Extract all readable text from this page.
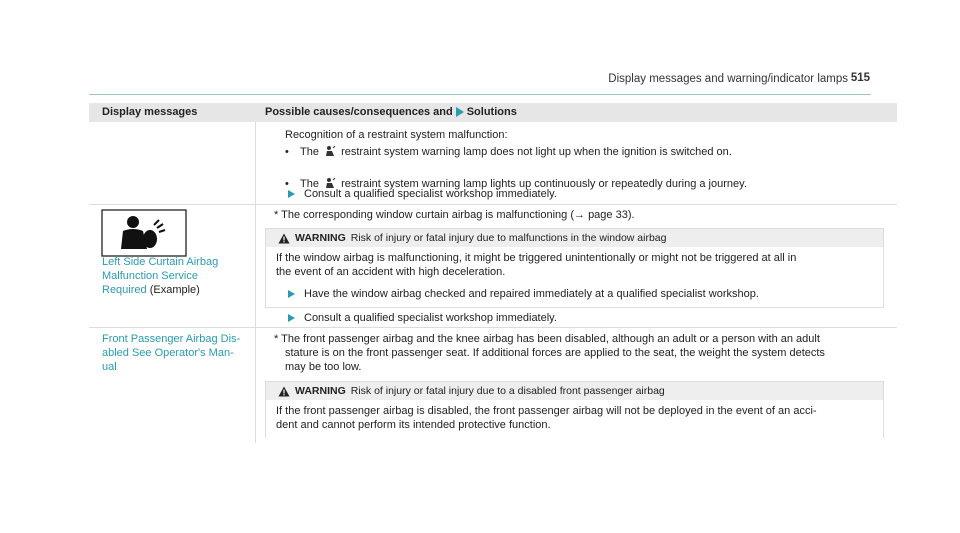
Display messages and warning/indicator lamps 515
Display messages	Possible causes/consequences and Solutions
Recognition of a restraint system malfunction:
• The restraint system warning lamp does not light up when the ignition is switched on.
• The restraint system warning lamp lights up continuously or repeatedly during a journey.
Consult a qualified specialist workshop immediately.
Left Side Curtain Airbag
Malfunction Service
Required (Example)
* The corresponding window curtain airbag is malfunctioning (→ page 33).
WARNING Risk of injury or fatal injury due to malfunctions in the window airbag
If the window airbag is malfunctioning, it might be triggered unintentionally or might not be triggered at all in
the event of an accident with high deceleration.
Have the window airbag checked and repaired immediately at a qualified specialist workshop.
Consult a qualified specialist workshop immediately.
Front Passenger Airbag Dis-
abled See Operator's Man-
ual
* The front passenger airbag and the knee airbag has been disabled, although an adult or a person with an adult
stature is on the front passenger seat. If additional forces are applied to the seat, the weight the system detects
may be too low.
WARNING Risk of injury or fatal injury due to a disabled front passenger airbag
If the front passenger airbag is disabled, the front passenger airbag will not be deployed in the event of an acci-
dent and cannot perform its intended protective function.
